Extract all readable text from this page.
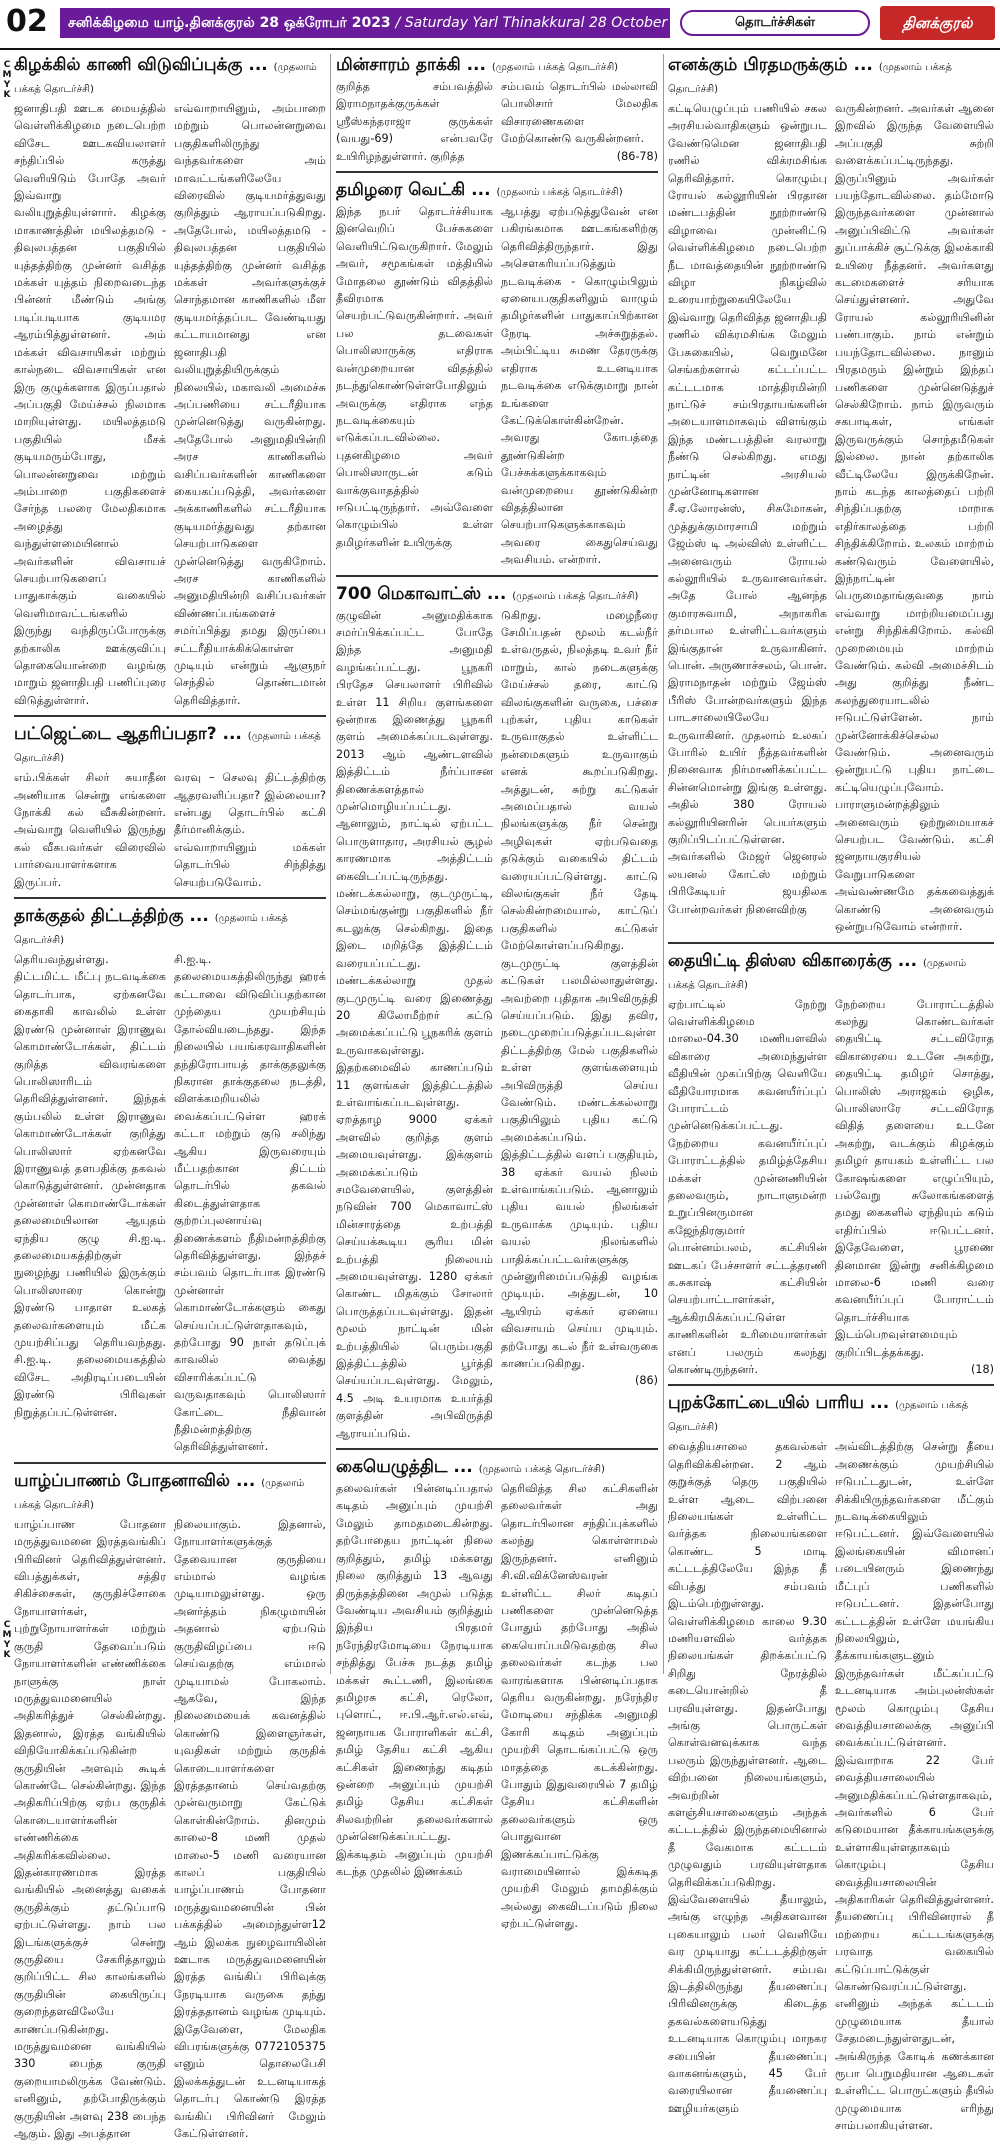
02	சனிக்கிழமை யாழ்.தினக்குரல் 28 ஒக்ரோபர் 2023 / Saturday Yarl Thinakkural 28 October 2023	தொடர்ச்சிகள்	தினக்குரல்
C
M
Y
K
C
M
Y
K
கிழக்கில் காணி விடுவிப்புக்கு ... (முதலாம் பக்கத் தொடர்ச்சி)
ஜனாதிபதி ஊடக மையத்தில் வெள்ளிக்கிழமை நடைபெற்ற விசேட ஊடகவியலாளர் சந்திப்பில் கருத்து வெளியிடும் போதே அவர் இவ்வாறு வலியுறுத்தியுள்ளார். கிழக்கு மாகாணத்தின் மயிலத்தமடு - திவுலபத்தன பகுதியில் யுத்தத்திற்கு முன்னர் வசித்த மக்கள் யுத்தம் நிறைவடைந்த பின்னர் மீண்டும் அங்கு படிப்படியாக குடியமர ஆரம்பித்துள்ளனர். அம் மக்கள் விவசாயிகள் மற்றும் கால்நடை விவசாயிகள் என இரு குழுக்களாக இருப்பதால் அப்பகுதி மேய்ச்சல் நிலமாக மாறியுள்ளது. மயிலத்தமடு பகுதியில் மீசக் குடியமரும்போது, பொலன்னறுவை மற்றும் அம்பாறை பகுதிகளைச் சேர்ந்த பலரை மேலதிகமாக அழைத்து வந்துள்ளமையினால் அவர்களின் விவசாயச் செயற்பாடுகளைப் பாதுகாக்கும் வகையில் வெளிமாவட்டங்களில் இருந்து வந்திருப்போருக்கு தற்காலிக ஊக்குவிப்பு தொகையொன்றை வழங்கு மாறும் ஜனாதிபதி பணிப்புரை விடுத்துள்ளார்.
எவ்வாறாயினும், அம்பாறை மற்றும் பொலன்னறுவை பகுதிகளிலிருந்து வந்தவர்களை அம் மாவட்டங்களிலேயே விரைவில் குடியமர்த்துவது குறித்தும் ஆராயப்படுகிறது. அதேபோல், மயிலத்தமடு - திவுலபத்தன பகுதியில் யுத்தத்திற்கு முன்னர் வசித்த மக்கள் அவர்களுக்குச் சொந்தமான காணிகளில் மீள குடியமர்த்தப்பட வேண்டியது கட்டாயமானது என ஜனாதிபதி வலியுறுத்தியிருக்கும் நிலையில், மகாவலி அமைச்சு அப்பணியை சட்டரீதியாக முன்னெடுத்து வருகின்றது. அதேபோல் அனுமதியின்றி அரச காணிகளில் வசிப்பவர்களின் காணிகளை கையகப்படுத்தி, அவர்களை அக்காணிகளில் சட்டரீதியாக குடியமர்த்துவது தற்கான செயற்பாடுகளை முன்னெடுத்து வருகிறோம். அரச காணிகளில் அனுமதியின்றி வசிப்பவர்கள் விண்ணப்பங்களைச் சமர்ப்பித்து தமது இருப்பை சட்டரீதியாக்கிக்கொள்ள முடியும் என்றும் ஆளுநர் செந்தில் தொண்டமான் தெரிவித்தார்.
பட்ஜெட்டை ஆதரிப்பதா? ... (முதலாம் பக்கத் தொடர்ச்சி)
எம்.பிக்கள் சிலர் சுயாதீன அணியாக சென்று எங்களை நோக்கி கல் வீசுகின்றனர். அவ்வாறு வெளியில் இருந்து கல் வீசுபவர்கள் விரைவில் பார்வையாளர்களாக இருப்பர்.
வரவு – செலவு திட்டத்திற்கு ஆதரவளிப்பதா? இல்லையா? என்பது தொடர்பில் கட்சி தீர்மானிக்கும். எவ்வாறாயினும் மக்கள் தொடர்பில் சிந்தித்து செயற்படுவோம்.
தாக்குதல் திட்டத்திற்கு ... (முதலாம் பக்கத் தொடர்ச்சி)
தெரியவந்துள்ளது. திட்டமிட்ட மீட்பு நடவடிக்கை தொடர்பாக, ஏற்கனவே கைதாகி காவலில் உள்ள இரண்டு முன்னாள் இராணுவ கொமாண்டோக்கள், திட்டம் குறித்த விவரங்களை பொலிஸாரிடம் தெரிவித்துள்ளனர். இந்தக் கும்பலில் உள்ள இராணுவ கொமாண்டோக்கள் குறித்து பொலிஸார் ஏற்கனவே இராணுவத் தளபதிக்கு தகவல் கொடுத்துள்ளனர். முன்னதாக முன்னாள் கொமாண்டோக்கள் தலைமையிலான ஆயுதம் ஏந்திய குழு சி.ஐ.டி. தலைமையகத்திற்குள் நுழைந்து பணியில் இருக்கும் பொலிஸாரை கொன்று இரண்டு பாதாள உலகத் தலைவர்களையும் மீட்க முயற்சிப்பது தெரியவந்தது. சி.ஐ.டி. தலைமையகத்தில் விசேட அதிரடிப்படையின் இரண்டு பிரிவுகள் நிறுத்தப்பட்டுள்ளன.
சி.ஐ.டி. தலைமையகத்திலிருந்து ஹரக் கட்டாவை விடுவிப்பதற்கான முந்தைய முயற்சியும் தோல்வியடைந்தது. இந்த நிலையில் பயங்கரவாதிகளின் தந்திரோபாயத் தாக்குதலுக்கு நிகரான தாக்குதலை நடத்தி, விளக்கமறியலில் வைக்கப்பட்டுள்ள ஹரக் கட்டா மற்றும் குடு சலிந்து ஆகிய இருவரையும் மீட்பதற்கான திட்டம் தொடர்பில் தகவல் கிடைத்துள்ளதாக குற்றப்புலனாய்வு திணைக்களம் நீதிமன்றத்திற்கு தெரிவித்துள்ளது. இந்தச் சம்பவம் தொடர்பாக இரண்டு முன்னாள் கொமாண்டோக்களும் கைது செய்யப்பட்டுள்ளதாகவும், தற்போது 90 நாள் தடுப்புக் காவலில் வைத்து விசாரிக்கப்பட்டு வருவதாகவும் பொலிஸார் கோட்டை நீதிவான் நீதிமன்றத்திற்கு தெரிவித்துள்ளனர்.
யாழ்ப்பாணம் போதனாவில் ... (முதலாம் பக்கத் தொடர்ச்சி)
யாழ்ப்பாண போதனா மருத்துவமனை இரத்தவங்கிப் பிரிவினர் தெரிவித்துள்ளனர். விபத்துக்கள், சத்திர சிகிச்சைகள், குருதிச்சோகை நோயாளர்கள், புற்றுநோயாளர்கள் மற்றும் குருதி தேவைப்படும் நோயாளர்களின் எண்ணிக்கை நாளுக்கு நாள் மருத்துவமனையில் அதிகரித்துச் செல்கின்றது. இதனால், இரத்த வங்கியில் விநியோகிக்கப்படுகின்ற குருதியின் அளவும் கூடிக் கொண்டே செல்கின்றது. இந்த அதிகரிப்பிற்கு ஏற்ப குருதிக் கொடையாளர்களின் எண்ணிக்கை அதிகரிக்கவில்லை. இதன்காரணமாக இரத்த வங்கியில் அனைத்து வகைக் குருதிக்கும் தட்டுப்பாடு ஏற்பட்டுள்ளது. நாம் பல இடங்களுக்குச் சென்று குருதியை சேகரித்தாலும் குறிப்பிட்ட சில காலங்களில் குருதியின் கையிருப்பு குறைந்தளவிலேயே காணப்படுகின்றது. மருத்துவமனை வங்கியில் 330 பைந்த குருதி குறையாமலிருக்க வேண்டும். எனினும், தற்போதிருக்கும் குருதியின் அளவு 238 பைந்த ஆகும். இது அபத்தான
நிலையாகும். இதனால், நோயாளர்களுக்குத் தேவையான குருதியை எம்மால் வழங்க முடியாமலுள்ளது. ஒரு அனர்த்தம் நிகழுமாயின் அதனால் ஏற்படும் குருதிவிழப்பை ஈடு செய்வதற்கு எம்மால் முடியாமல் போகலாம். ஆகவே, இந்த நிலைமையைக் கவனத்தில் கொண்டு இளைஞர்கள், யுவதிகள் மற்றும் குருதிக் கொடையாளர்களை இரத்ததானம் செய்வதற்கு முன்வருமாறு கேட்டுக் கொள்கின்றோம். தினமும் காலை-8 மணி முதல் மாலை-5 மணி வரையான காலப் பகுதியில் யாழ்ப்பாணம் போதனா மருத்துவமனையின் பின் பக்கத்தில் அமைந்துள்ள12 ஆம் இலக்க நுழைவாயிலின் ஊடாக மருத்துவமனையின் இரத்த வங்கிப் பிரிவுக்கு நேரடியாக வருகை தந்து இரத்ததானம் வழங்க முடியும். இதேவேளை, மேலதிக விபரங்களுக்கு 0772105375 எனும் தொலைபேசி இலக்கத்துடன் உடனடியாகத் தொடர்பு கொண்டு இரத்த வங்கிப் பிரிவினர் மேலும் கேட்டுள்ளனர்.
மின்சாரம் தாக்கி ... (முதலாம் பக்கத் தொடர்ச்சி)
குறித்த சம்பவத்தில் இராமநாதக்குருக்கள் ஸ்ரீஸ்கந்தராஜா குருக்கள் (வயது-69) என்பவரே உயிரிழந்துள்ளார். குறித்த
சம்பவம் தொடர்பில் மல்லாவி பொலிசார் மேலதிக விசாரணைகளை மேற்கொண்டு வருகின்றனர்.
(86-78)
தமிழரை வெட்கி ... (முதலாம் பக்கத் தொடர்ச்சி)
இந்த நபர் தொடர்ச்சியாக இனவெறிப் பேச்சுகளை வெளியிட்டுவருகிறார். மேலும் அவர், சமூகங்கள் மத்தியில் மோதலை தூண்டும் விதத்தில் தீவிரமாக செயற்பட்டுவருகின்றார். அவர் பல தடவைகள் பொலிஸாருக்கு எதிராக வன்முறையான விதத்தில் நடந்துகொண்டுள்ளபோதிலும் அவருக்கு எதிராக எந்த நடவடிக்கையும் எடுக்கப்படவில்லை. புதனகிழமை அவர் பொலிஸாருடன் கடும் வாக்குவாதத்தில் ஈடுபட்டிருந்தார். அவ்வேளை கொழும்பில் உள்ள தமிழர்களின் உயிருக்கு
ஆபத்து ஏற்படுத்துவேன் என பகிரங்கமாக ஊடகங்களிற்கு தெரிவித்திருந்தார். இது அசௌகரியப்படுத்தும் நடவடிக்கை - கொழும்பிலும் ஏனையபகுதிகளிலும் வாழும் தமிழர்களின் பாதுகாப்பிற்கான நேரடி அச்சுறுத்தல். அம்பிட்டிய சுமண தேரருக்கு எதிராக உடனடியாக நடவடிக்கை எடுக்குமாறு நான் உங்களை கேட்டுக்கொள்கின்றேன். அவரது கோபத்தை தூண்டுகின்ற பேச்சுக்களுக்காகவும் வன்முறையை தூண்டுகின்ற விதத்திலான செயற்பாடுகளுக்காகவும் அவரை கைதுசெய்வது அவசியம். என்றார்.
700 மெகாவாட்ஸ் ... (முதலாம் பக்கத் தொடர்ச்சி)
குழுவின் அனுமதிக்காக சமர்ப்பிக்கப்பட்ட போதே இந்த அனுமதி வழங்கப்பட்டது. பூநகரி பிரதேச செயலாளர் பிரிவில் உள்ள 11 சிறிய குளங்களை ஒன்றாக இணைத்து பூநகரி குளம் அமைக்கப்படவுள்ளது. 2013 ஆம் ஆண்டளவில் இத்திட்டம் நீர்ப்பாசன திணைக்களத்தால் முன்மொழியப்பட்டது. ஆனாலும், நாட்டில் ஏற்பட்ட பொருளாதார, அரசியல் சூழல் காரணமாக அத்திட்டம் கைவிடப்பட்டிருந்தது. மண்டக்கல்லாறு, குடமுருட்டி, செம்மங்குன்று பகுதிகளில் நீர் கடலுக்கு செல்கிறது. இதை இடை மறித்தே இத்திட்டம் வரையப்பட்டது. மண்டக்கல்லாறு முதல் குடமுருட்டி வரை இணைத்து 20 கிலோமீற்றர் கட்டு அமைக்கப்பட்டு பூநகரிக் குளம் உருவாகவுள்ளது. இதற்கமைவில் காணப்படும் 11 குளங்கள் இத்திட்டத்தில் உள்வாங்கப்படவுள்ளது. ஏறத்தாழ 9000 ஏக்கர் அளவில் குறித்த குளம் அமையவுள்ளது. இக்குளம் அமைக்கப்படும் சமவேளையில், குளத்தின் நடுவின் 700 மெகாவாட்ஸ் மின்சாரத்தை உற்பத்தி செய்யக்கூடிய சூரிய மின் உற்பத்தி நிலையம் அமையவுள்ளது. 1280 ஏக்கர் கொண்ட மிதக்கும் சோலார் பொருத்தப்படவுள்ளது. இதன் மூலம் நாட்டின் மின் உற்பத்தியில் பெரும்பகுதி இத்திட்டத்தில் பூர்த்தி செய்யப்படவுள்ளது. மேலும், 4.5 அடி உயரமாக உயர்த்தி குளத்தின் அபிவிருத்தி ஆராயப்படும்.
டுகிறது. மழைநீரை சேமிப்பதன் மூலம் கடல்நீர் உள்வருதல், நிலத்தடி உவர் நீர் மாறும், கால் நடைகளுக்கு மேய்ச்சல் தரை, காட்டு விலங்குகளின் வருகை, பச்சை புற்கள், புதிய காடுகள் உருவாகுதல் உள்ளிட்ட நன்மைகளும் உருவாகும் எனக் கூறப்படுகிறது. அத்துடன், சுற்று கட்டுகள் அமைப்பதால் வயல் நிலங்களுக்கு நீர் சென்று அழிவுகள் ஏற்படுவதை தடுக்கும் வகையில் திட்டம் வரையப்பட்டுள்ளது. காட்டு விலங்குகள் நீர் தேடி செல்கின்றமையால், காட்டுப் பகுதிகளில் கட்டுகள் மேற்கொள்ளப்படுகிறது. குடமுருட்டி குளத்தின் கட்டுகள் பலமில்லாதுள்ளது. அவற்றை புதிதாக அபிவிருத்தி செய்யப்படும். இது தவிர, நடைமுறைப்படுத்தப்படவுள்ள திட்டத்திற்கு மேல் பகுதிகளில் உள்ள குளங்களையும் அபிவிருத்தி செய்ய வேண்டும். மண்டக்கல்லாறு பகுதியிலும் புதிய கட்டு அமைக்கப்படும். இத்திட்டத்தில் வளப் பகுதியும், 38 ஏக்கர் வயல் நிலம் உள்வாங்கப்படும். ஆனாலும் புதிய வயல் நிலங்கள் உருவாக்க முடியும். புதிய வயல் நிலங்களில் பாதிக்கப்பட்டவர்களுக்கு முன்னுரிமைப்படுத்தி வழங்க முடியும். அத்துடன், 10 ஆயிரம் ஏக்கர் ஏனைய விவசாயம் செய்ய முடியும். தற்போது கடல் நீர் உள்வருகை காணப்படுகிறது.
(86)
கையெழுத்திட ... (முதலாம் பக்கத் தொடர்ச்சி)
தலைவர்கள் பின்னடிப்பதால் கடிதம் அனுப்பும் முயற்சி மேலும் தாமதமடைகின்றது. தற்போதைய நாட்டின் நிலை குறித்தும், தமிழ் மக்களது நிலை குறித்தும் 13 ஆவது திருத்தத்தினை அமுல் படுத்த வேண்டிய அவசியம் குறித்தும் இந்திய பிரதமர் நரேந்திரமோடியை நேரடியாக சந்தித்து பேச்சு நடத்த தமிழ் மக்கள் கூட்டணி, இலங்கை தமிழரசு கட்சி, ரெலோ, புளொட், ஈ.பி.ஆர்.எல்.எவ், ஜனநாயக போராளிகள் கட்சி, தமிழ் தேசிய கட்சி ஆகிய கட்சிகள் இணைந்து கடிதம் ஒன்றை அனுப்பும் முயற்சி தமிழ் தேசிய கட்சிகள் சிலவற்றின் தலைவர்களால் முன்னெடுக்கப்பட்டது. இக்கடிதம் அனுப்பும் முயற்சி கடந்த முதலில் இணக்கம்
தெரிவித்த சில கட்சிகளின் தலைவர்கள் அது தொடர்பிலான சந்திப்புக்களில் கலந்து கொள்ளாமல் இருந்தனர். எனினும் சி.வி.விக்னேஸ்வரன் உள்ளிட்ட சிலர் கடிதப் பணிகளை முன்னெடுத்த போதும் தற்போது அதில் கையொப்பமிடுவதற்கு சில தலைவர்கள் கடந்த பல வாரங்களாக பின்னடிப்பதாக தெரிய வருகின்றது. நரேந்திர மோடியை சந்திக்க அனுமதி கோரி கடிதம் அனுப்பும் முயற்சி தொடங்கப்பட்டு ஒரு மாதத்தை கடக்கின்றது. போதும் இதுவரையில் 7 தமிழ் தேசிய கட்சிகளின் தலைவர்களும் ஒரு பொதுவான இணக்கப்பாட்டுக்கு வராமையினால் இக்கடித முயற்சி மேலும் தாமதிக்கும் அல்லது கைவிடப்படும் நிலை ஏற்பட்டுள்ளது.
எனக்கும் பிரதமருக்கும் ... (முதலாம் பக்கத் தொடர்ச்சி)
கட்டியெழுப்பும் பணியில் சகல அரசியல்வாதிகளும் ஒன்றுபட வேண்டுமென ஜனாதிபதி ரணில் விக்ரமசிங்க தெரிவித்தார். கொழும்பு ரோயல் கல்லூரியின் பிரதான மண்டபத்தின் நூற்றாண்டு விழாவை முன்னிட்டு வெள்ளிக்கிழமை நடைபெற்ற நீட மாவத்தையின் நூற்றாண்டு விழா நிகழ்வில் உரையாற்றுகையிலேயே இவ்வாறு தெரிவித்த ஜனாதிபதி ரணில் விக்ரமசிங்க மேலும் பேசுகையில், வெறுமனே செங்கற்களால் கட்டப்பட்ட கட்டடமாக மாத்திரமின்றி நாட்டுச் சம்பிரதாயங்களின் அடையாளமாகவும் விளங்கும் இந்த மண்டபத்தின் வரலாறு நீண்டு செல்கிறது. எமது நாட்டின் அரசியல் முன்னோடிகளான சீ.ஏ.லோரன்ஸ், சிசுமோகன், முத்துக்குமாரசாமி மற்றும் ஜேம்ஸ் டி அல்விஸ் உள்ளிட்ட அனைவரும் ரோயல் கல்லூரியில் உருவானவர்கள். அதே போல் ஆனந்த குமாரசுவாமி, அநாகரிக தர்மபால உள்ளிட்டவர்களும் இங்குதான் உருவாகினர். பொன். அருணாச்சலம், பொன். இராமநாதன் மற்றும் ஜேம்ஸ் பீரிஸ் போன்றவர்களும் இந்த பாடசாலையிலேயே உருவாகினர். முதலாம் உலகப் போரில் உயிர் நீத்தவர்களின் நினைவாக நிர்மாணிக்கப்பட்ட சின்னமொன்று இங்கு உள்ளது. அதில் 380 ரோயல் கல்லூரியினரின் பெயர்களும் குறிப்பிடப்பட்டுள்ளன. அவர்களில் மேஜர் ஜெனரல் லயனல் கோட்ஸ் மற்றும் பிரிகேடியர் ஜயதிலக போன்றவர்கள் நினைவிற்கு
வருகின்றனர். அவர்கள் ஆனை இறவில் இருந்த வேளையில் அப்பகுதி சுற்றி வளைக்கப்பட்டிருந்தது. இருப்பினும் அவர்கள் பயந்தோடவில்லை. தம்மோடு இருந்தவர்களை முன்னால் அனுப்பிவிட்டு அவர்கள் துப்பாக்கிச் சூட்டுக்கு இலக்காகி உயிரை நீத்தனர். அவர்களது கடமைகளைச் சரியாக செய்துள்ளனர். அதுவே ரோயல் கல்லூரியினின் பண்பாகும். நாம் என்றும் பயந்தோடவில்லை. நானும் பிரதமரும் இன்றும் இந்தப் பணிகளை முன்னெடுத்துச் செல்கிறோம். நாம் இருவரும் சகபாடிகள், எங்கள் இருவருக்கும் சொந்தமீடுகள் இல்லை. நான் தற்காலிக வீட்டிலேயே இருக்கிறேன். நாம் கடந்த காலத்தைப் பற்றி சிந்திப்பதற்கு மாறாக எதிர்காலத்தை பற்றி சிந்திக்கிறோம். உலகம் மாற்றம் கண்டுவரும் வேளையில், இந்நாட்டின் பெருமைதாங்குவதை நாம் எவ்வாறு மாற்றியமைப்பது என்று சிந்திக்கிறோம். கல்வி முறைமையும் மாற்றம் வேண்டும். கல்வி அமைச்சிடம் அது குறித்து நீண்ட கலந்துரையாடலில் ஈடுபட்டுள்ளேன். நாம் முன்னோக்கிச்செல்ல வேண்டும். அனைவரும் ஒன்றுபட்டு புதிய நாட்டை கட்டியெழுப்புவோம். பாராளுமன்றத்திலும் அனைவரும் ஒற்றுமையாகச் செயற்பட வேண்டும். கட்சி ஜனநாயகுரசியல் வேறுபாடுகளை அவ்வண்ணமே தக்கவைத்துக் கொண்டு அனைவரும் ஒன்றுபடுவோம் என்றார்.
தையிட்டி திஸ்ஸ விகாரைக்கு ... (முதலாம் பக்கத் தொடர்ச்சி)
ஏற்பாட்டில் நேற்று வெள்ளிக்கிழமை மாலை-04.30 மணியளவில் விகாரை அமைந்துள்ள வீதியின் முகப்பிற்கு வெளியே வீதியோரமாக கவனயீர்ப்புப் போராட்டம் முன்னெடுக்கப்பட்டது. நேற்றைய கவனயீர்ப்புப் போராட்டத்தில் தமிழ்த்தேசிய மக்கள் முன்னணியின் தலைவரும், நாடாளுமன்ற உறுப்பினருமான கஜேந்திரகுமார் பொன்னம்பலம், கட்சியின் ஊடகப் பேச்சாளர் சட்டத்தரணி க.சுகாஷ் கட்சியின் செயற்பாட்டாளர்கள், ஆக்கிரமிக்கப்பட்டுள்ள காணிகளின் உரிமையாளர்கள் எனப் பலரும் கலந்து கொண்டிருந்தனர்.
நேற்றைய போராட்டத்தில் கலந்து கொண்டவர்கள் தையிட்டி சட்டவிரோத விகாரையை உடனே அகற்று, தையிட்டி தமிழர் சொத்து, பொலிஸ் அராஜகம் ஒழிக, பொலிஸாரே சட்டவிரோத விதித் தளையை உடனே அகற்று, வடக்கும் கிழக்கும் தமிழர் தாயகம் உள்ளிட்ட பல கோஷங்களை எழுப்பியும், பல்வேறு சுலோகங்களைத் தமது கைகளில் ஏந்தியும் கடும் எதிர்ப்பில் ஈடுபட்டனர். இதேவேளை, பூரணை தினமான இன்று சனிக்கிழமை மாலை-6 மணி வரை கவனயீர்ப்புப் போராட்டம் தொடர்ச்சியாக இடம்பெறவுள்ளமையும் குறிப்பிடத்தக்கது.
(18)
புறக்கோட்டையில் பாரிய ... (முதலாம் பக்கத் தொடர்ச்சி)
வைத்தியசாலை தகவல்கள் தெரிவிக்கின்றன. 2 ஆம் குறுக்குத் தெரு பகுதியில் உள்ள ஆடை விற்பனை நிலையங்கள் உள்ளிட்ட வர்த்தக நிலையங்களை கொண்ட 5 மாடி கட்டடத்திலேயே இந்த தீ விபத்து சம்பவம் இடம்பெற்றுள்ளது. வெள்ளிக்கிழமை காலை 9.30 மணியளவில் வர்த்தக நிலையங்கள் திறக்கப்பட்டு சிறிது நேரத்தில் கடையொன்றில் தீ பரவியுள்ளது. இதன்போது அங்கு பொருட்கள் கொள்வனவுக்காக வந்த பலரும் இருந்துள்ளனர். ஆடை விற்பனை நிலையங்களும், அவற்றின் களஞ்சியசாலைகளும் அந்தக் கட்டடத்தில் இருந்தமையினால் தீ வேகமாக கட்டடம் முழுவதும் பரவியுள்ளதாக தெரிவிக்கப்படுகிறது. இவ்வேளையில் தீயாலும், அங்கு எழுந்த அதிகளவான புகையாலும் பலர் வெளியே வர முடியாது கட்டடத்திற்குள் சிக்கிமிருந்துள்ளனர். சம்பவ இடத்திலிருந்து தீயணைப்பு பிரிவினருக்கு கிடைத்த தகவல்களையடுத்து உடனடியாக கொழும்பு மாநகர சபையின் தீயணைப்பு வாகனங்களும், 45 பேர் வரையிலான தீயணைப்பு ஊழியர்களும்
அவ்விடத்திற்கு சென்று தீயை அணைக்கும் முயற்சியில் ஈடுபட்டதுடன், உள்ளே சிக்கியிருந்தவர்களை மீட்கும் நடவடிக்கையிலும் ஈடுபட்டனர். இவ்வேளையில் இலங்கையின் விமானப் படையினரும் இணைந்து மீட்புப் பணிகளில் ஈடுபட்டனர். இதன்போது கட்டடத்தின் உள்ளே மயங்கிய நிலையிலும், தீக்காயங்களுடனும் இருந்தவர்கள் மீட்கப்பட்டு உடனடியாக அம்புலன்ஸ்கள் மூலம் கொழும்பு தேசிய வைத்தியசாலைக்கு அனுப்பி வைக்கப்பட்டுள்ளனர். இவ்வாறாக 22 பேர் வைத்தியசாலையில் அனுமதிக்கப்பட்டுள்ளதாகவும், அவர்களில் 6 பேர் கடுமையான தீக்காயங்களுக்கு உள்ளாகியுள்ளதாகவும் கொழும்பு தேசிய வைத்தியசாலையின் அதிகாரிகள் தெரிவித்துள்ளனர். தீயணைப்பு பிரிவினரால் தீ மற்றைய கட்டடங்களுக்கு பரவாத வகையில் கட்டுப்பாட்டுக்குள் கொண்டுவரப்பட்டுள்ளது. எனினும் அந்தக் கட்டடம் முழுமையாக தீயால் சேதமடைந்துள்ளதுடன், அங்கிருந்த கோடிக் கணக்கான ரூபா பெறுமதியான ஆடைகள் உள்ளிட்ட பொருட்களும் தீயில் முழுமையாக எரிந்து சாம்பலாகியுள்ளன.
